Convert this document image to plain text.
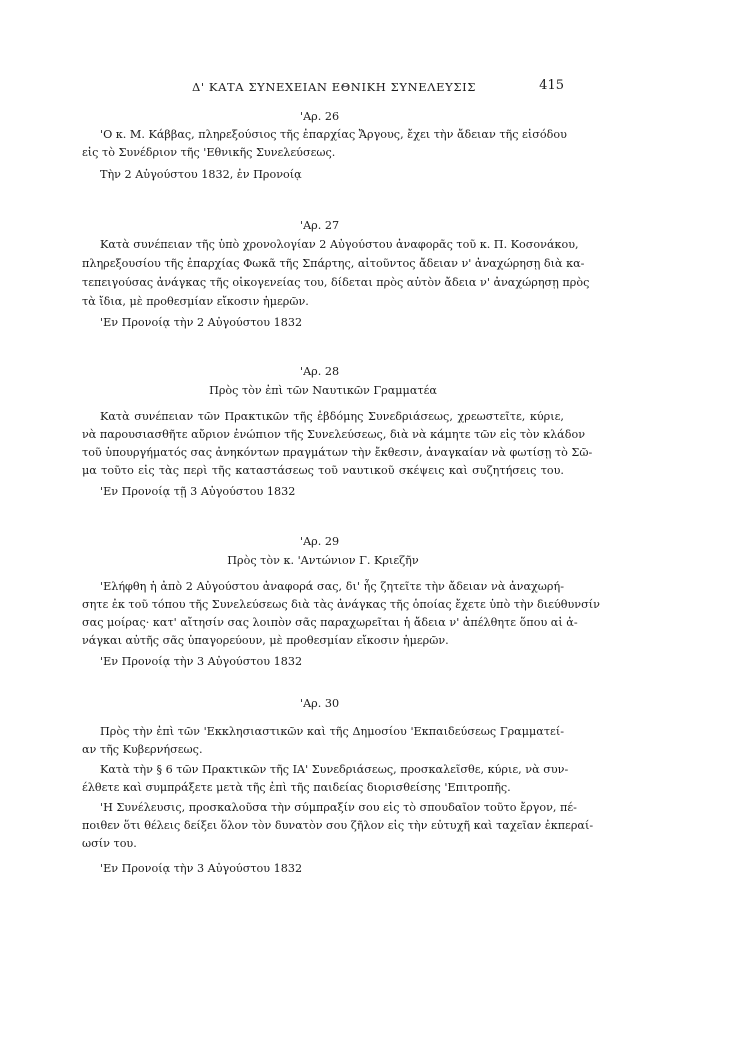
Δ' ΚΑΤΑ ΣΥΝΕΧΕΙΑΝ ΕΘΝΙΚΗ ΣΥΝΕΛΕΥΣΙΣ	415
'Αρ. 26
'Ο κ. Μ. Κάββας, πληρεξούσιος τῆς ἐπαρχίας Ἄργους, ἔχει τὴν ἄδειαν τῆς εἰσόδου
εἰς τὸ Συνέδριον τῆς 'Εθνικῆς Συνελεύσεως.
Τὴν 2 Αὐγούστου 1832, ἐν Προνοίᾳ
'Αρ. 27
Κατὰ συνέπειαν τῆς ὑπὸ χρονολογίαν 2 Αὐγούστου ἀναφορᾶς τοῦ κ. Π. Κοσονάκου,
πληρεξουσίου τῆς ἐπαρχίας Φωκᾶ τῆς Σπάρτης, αἰτοῦντος ἄδειαν ν' ἀναχώρησῃ διὰ κα-
τεπειγούσας ἀνάγκας τῆς οἰκογενείας του, δίδεται πρὸς αὐτὸν ἄδεια ν' ἀναχώρησῃ πρὸς
τὰ ἴδια, μὲ προθεσμίαν εἴκοσιν ἡμερῶν.
'Εν Προνοίᾳ τὴν 2 Αὐγούστου 1832
'Αρ. 28
Πρὸς τὸν ἐπὶ τῶν Ναυτικῶν Γραμματέα
Κατὰ συνέπειαν τῶν Πρακτικῶν τῆς ἑβδόμης Συνεδριάσεως, χρεωστεῖτε, κύριε,
νὰ παρουσιασθῆτε αὔριον ἐνώπιον τῆς Συνελεύσεως, διὰ νὰ κάμητε τῶν εἰς τὸν κλάδον
τοῦ ὑπουργήματός σας ἀνηκόντων πραγμάτων τὴν ἔκθεσιν, ἀναγκαίαν νὰ φωτίσῃ τὸ Σῶ-
μα τοῦτο εἰς τὰς περὶ τῆς καταστάσεως τοῦ ναυτικοῦ σκέψεις καὶ συζητήσεις του.
'Εν Προνοίᾳ τῇ 3 Αὐγούστου 1832
'Αρ. 29
Πρὸς τὸν κ. 'Αντώνιον Γ. Κριεζῆν
'Ελήφθη ἡ ἀπὸ 2 Αὐγούστου ἀναφορά σας, δι' ἧς ζητεῖτε τὴν ἄδειαν νὰ ἀναχωρή-
σητε ἐκ τοῦ τόπου τῆς Συνελεύσεως διὰ τὰς ἀνάγκας τῆς ὁποίας ἔχετε ὑπὸ τὴν διεύθυνσίν
σας μοίρας· κατ' αἴτησίν σας λοιπὸν σᾶς παραχωρεῖται ἡ ἄδεια ν' ἀπέλθητε ὅπου αἱ ἀ-
νάγκαι αὐτῆς σᾶς ὑπαγορεύουν, μὲ προθεσμίαν εἴκοσιν ἡμερῶν.
'Εν Προνοίᾳ τὴν 3 Αὐγούστου 1832
'Αρ. 30
Πρὸς τὴν ἐπὶ τῶν 'Εκκλησιαστικῶν καὶ τῆς Δημοσίου 'Εκπαιδεύσεως Γραμματεί-
αν τῆς Κυβερνήσεως.
Κατὰ τὴν § 6 τῶν Πρακτικῶν τῆς ΙΑ' Συνεδριάσεως, προσκαλεῖσθε, κύριε, νὰ συν-
έλθετε καὶ συμπράξετε μετὰ τῆς ἐπὶ τῆς παιδείας διορισθείσης 'Επιτροπῆς.
'Η Συνέλευσις, προσκαλοῦσα τὴν σύμπραξίν σου εἰς τὸ σπουδαῖον τοῦτο ἔργον, πέ-
ποιθεν ὅτι θέλεις δείξει ὅλον τὸν δυνατὸν σου ζῆλον εἰς τὴν εὐτυχῆ καὶ ταχεῖαν ἐκπεραί-
ωσίν του.
'Εν Προνοίᾳ τὴν 3 Αὐγούστου 1832
